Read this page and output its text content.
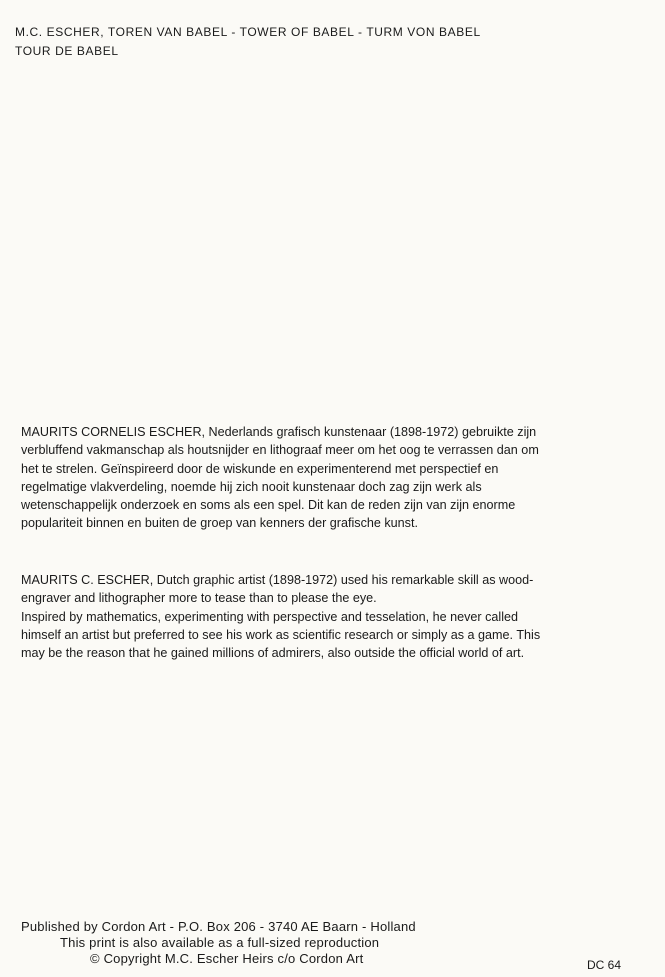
M.C. ESCHER, TOREN VAN BABEL - TOWER OF BABEL - TURM VON BABEL
TOUR DE BABEL
MAURITS CORNELIS ESCHER, Nederlands grafisch kunstenaar (1898-1972) gebruikte zijn
verbluffend vakmanschap als houtsnijder en lithograaf meer om het oog te verrassen dan om
het te strelen. Geïnspireerd door de wiskunde en experimenterend met perspectief en
regelmatige vlakverdeling, noemde hij zich nooit kunstenaar doch zag zijn werk als
wetenschappelijk onderzoek en soms als een spel. Dit kan de reden zijn van zijn enorme
populariteit binnen en buiten de groep van kenners der grafische kunst.
MAURITS C. ESCHER, Dutch graphic artist (1898-1972) used his remarkable skill as wood-
engraver and lithographer more to tease than to please the eye.
Inspired by mathematics, experimenting with perspective and tesselation, he never called
himself an artist but preferred to see his work as scientific research or simply as a game. This
may be the reason that he gained millions of admirers, also outside the official world of art.
Published by Cordon Art - P.O. Box 206 - 3740 AE Baarn - Holland
This print is also available as a full-sized reproduction
© Copyright M.C. Escher Heirs c/o Cordon Art	DC 64
